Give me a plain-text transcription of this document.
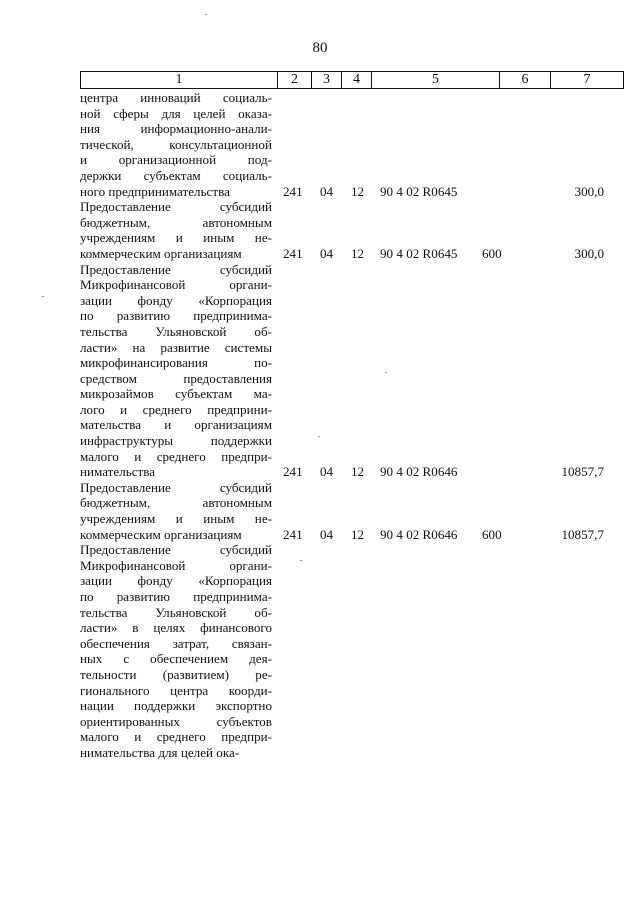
80
1	2	3	4	5	6	7
центра инноваций социаль-
ной сферы для целей оказа-
ния информационно-анали-
тической, консультационной
и организационной под-
держки субъектам социаль-
ного предпринимательства	241 04 12 90 4 02 R0645	300,0
Предоставление субсидий
бюджетным, автономным
учреждениям и иным не-
коммерческим организациям	241 04 12 90 4 02 R0645 600	300,0
Предоставление субсидий
Микрофинансовой органи-
зации фонду «Корпорация
по развитию предпринима-
тельства Ульяновской об-
ласти» на развитие системы
микрофинансирования по-
средством предоставления
микрозаймов субъектам ма-
лого и среднего предприни-
мательства и организациям
инфраструктуры поддержки
малого и среднего предпри-
нимательства	241 04 12 90 4 02 R0646	10857,7
Предоставление субсидий
бюджетным, автономным
учреждениям и иным не-
коммерческим организациям	241 04 12 90 4 02 R0646 600	10857,7
Предоставление субсидий
Микрофинансовой органи-
зации фонду «Корпорация
по развитию предпринима-
тельства Ульяновской об-
ласти» в целях финансового
обеспечения затрат, связан-
ных с обеспечением дея-
тельности (развитием) ре-
гионального центра коорди-
нации поддержки экспортно
ориентированных субъектов
малого и среднего предпри-
нимательства для целей ока-
